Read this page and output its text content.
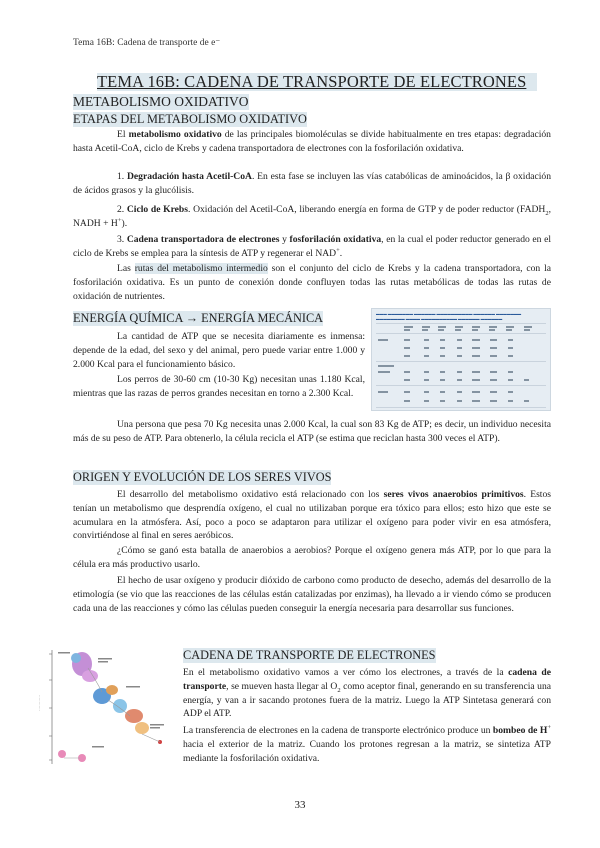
Tema 16B: Cadena de transporte de e⁻
TEMA 16B: CADENA DE TRANSPORTE DE ELECTRONES
METABOLISMO OXIDATIVO
ETAPAS DEL METABOLISMO OXIDATIVO
El metabolismo oxidativo de las principales biomoléculas se divide habitualmente en tres etapas: degradación hasta Acetil-CoA, ciclo de Krebs y cadena transportadora de electrones con la fosforilación oxidativa.
1. Degradación hasta Acetil-CoA. En esta fase se incluyen las vías catabólicas de aminoácidos, la β oxidación de ácidos grasos y la glucólisis.
2. Ciclo de Krebs. Oxidación del Acetil-CoA, liberando energía en forma de GTP y de poder reductor ($FADH_2$, NADH + H+).
3. Cadena transportadora de electrones y fosforilación oxidativa, en la cual el poder reductor generado en el ciclo de Krebs se emplea para la síntesis de ATP y regenerar el NAD+.
Las rutas del metabolismo intermedio son el conjunto del ciclo de Krebs y la cadena transportadora, con la fosforilación oxidativa. Es un punto de conexión donde confluyen todas las rutas metabólicas de todas las rutas de oxidación de nutrientes.
ENERGÍA QUÍMICA → ENERGÍA MECÁNICA
La cantidad de ATP que se necesita diariamente es inmensa: depende de la edad, del sexo y del animal, pero puede variar entre 1.000 y 2.000 Kcal para el funcionamiento básico.
Los perros de 30-60 cm (10-30 Kg) necesitan unas 1.180 Kcal, mientras que las razas de perros grandes necesitan en torno a 2.300 Kcal.
Una persona que pesa 70 Kg necesita unas 2.000 Kcal, la cual son 83 Kg de ATP; es decir, un individuo necesita más de su peso de ATP. Para obtenerlo, la célula recicla el ATP (se estima que reciclan hasta 300 veces el ATP).
▬▬▬ ▬▬▬▬▬▬▬ ▬▬▬▬▬▬ ▬▬▬▬▬▬▬▬▬▬ ▬▬▬▬▬▬ ▬▬▬▬▬▬▬ ▬▬▬▬▬▬▬▬ ▬▬▬▬ ▬▬▬▬▬▬▬▬▬▬ ▬▬▬▬▬▬ ▬▬▬▬▬▬
ORIGEN Y EVOLUCIÓN DE LOS SERES VIVOS
El desarrollo del metabolismo oxidativo está relacionado con los seres vivos anaerobios primitivos. Estos tenían un metabolismo que desprendía oxígeno, el cual no utilizaban porque era tóxico para ellos; esto hizo que este se acumulara en la atmósfera. Así, poco a poco se adaptaron para utilizar el oxígeno para poder vivir en esa atmósfera, convirtiéndose al final en seres aeróbicos.
¿Cómo se ganó esta batalla de anaerobios a aerobios? Porque el oxígeno genera más ATP, por lo que para la célula era más productivo usarlo.
El hecho de usar oxígeno y producir dióxido de carbono como producto de desecho, además del desarrollo de la etimología (se vio que las reacciones de las células están catalizadas por enzimas), ha llevado a ir viendo cómo se producen cada una de las reacciones y cómo las células pueden conseguir la energía necesaria para desarrollar sus funciones.
············
CADENA DE TRANSPORTE DE ELECTRONES
En el metabolismo oxidativo vamos a ver cómo los electrones, a través de la cadena de transporte, se mueven hasta llegar al $O_2$ como aceptor final, generando en su transferencia una energía, y van a ir sacando protones fuera de la matriz. Luego la ATP Sintetasa generará con ADP el ATP.
La transferencia de electrones en la cadena de transporte electrónico produce un bombeo de H+ hacia el exterior de la matriz. Cuando los protones regresan a la matriz, se sintetiza ATP mediante la fosforilación oxidativa.
33
